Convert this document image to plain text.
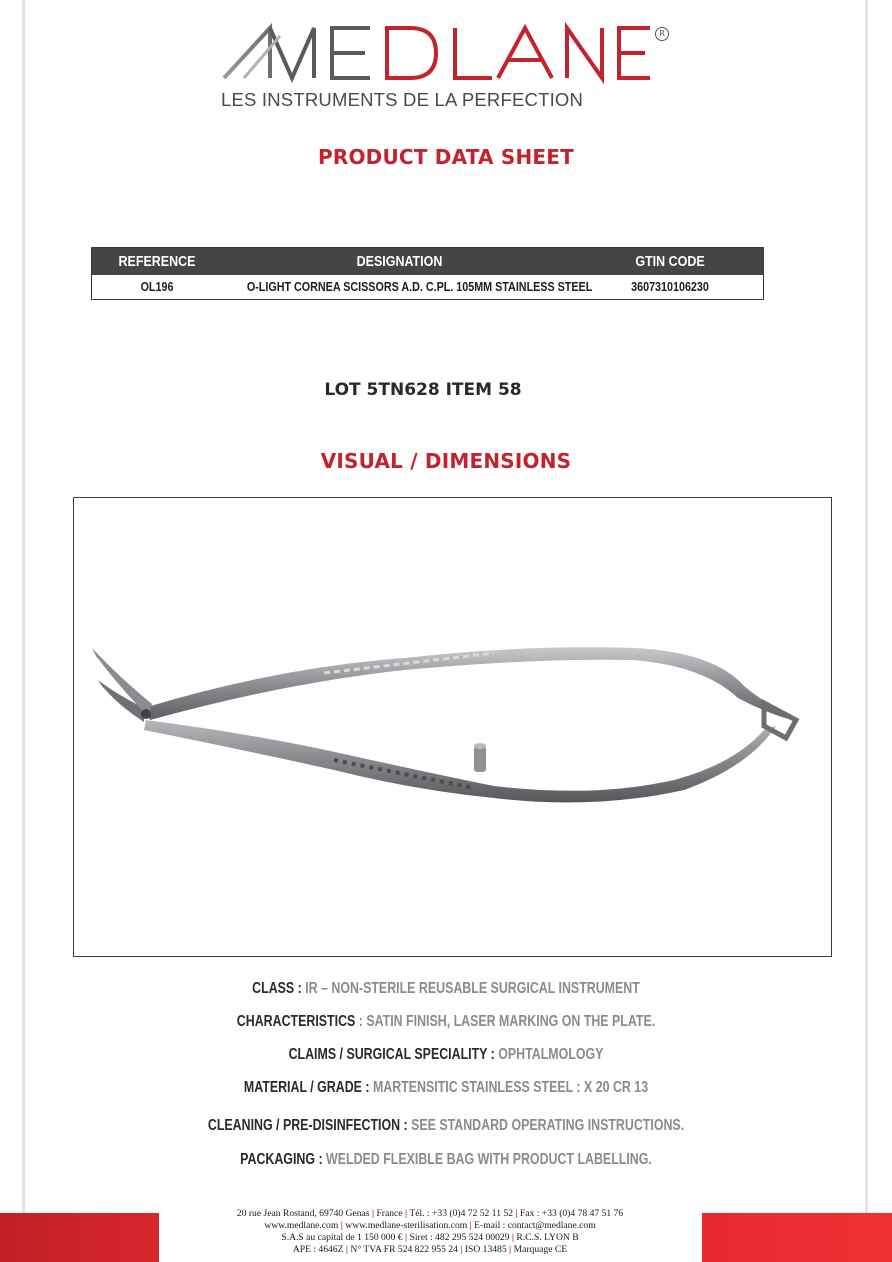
R
LES INSTRUMENTS DE LA PERFECTION
PRODUCT DATA SHEET
REFERENCE	DESIGNATION	GTIN CODE
OL196	O-LIGHT CORNEA SCISSORS A.D. C.PL. 105MM STAINLESS STEEL	3607310106230
LOT 5TN628 ITEM 58
VISUAL / DIMENSIONS
CLASS : IR – NON-STERILE REUSABLE SURGICAL INSTRUMENT
CHARACTERISTICS : SATIN FINISH, LASER MARKING ON THE PLATE.
CLAIMS / SURGICAL SPECIALITY : OPHTALMOLOGY
MATERIAL / GRADE : MARTENSITIC STAINLESS STEEL : X 20 CR 13
CLEANING / PRE-DISINFECTION : SEE STANDARD OPERATING INSTRUCTIONS.
PACKAGING : WELDED FLEXIBLE BAG WITH PRODUCT LABELLING.
20 rue Jean Rostand, 69740 Genas | France | Tél. : +33 (0)4 72 52 11 52 | Fax : +33 (0)4 78 47 51 76
www.medlane.com | www.medlane-sterilisation.com | E-mail : contact@medlane.com
S.A.S au capital de 1 150 000 € | Siret : 482 295 524 00029 | R.C.S. LYON B
APE : 4646Z | N° TVA FR 524 822 955 24 | ISO 13485 | Marquage CE
